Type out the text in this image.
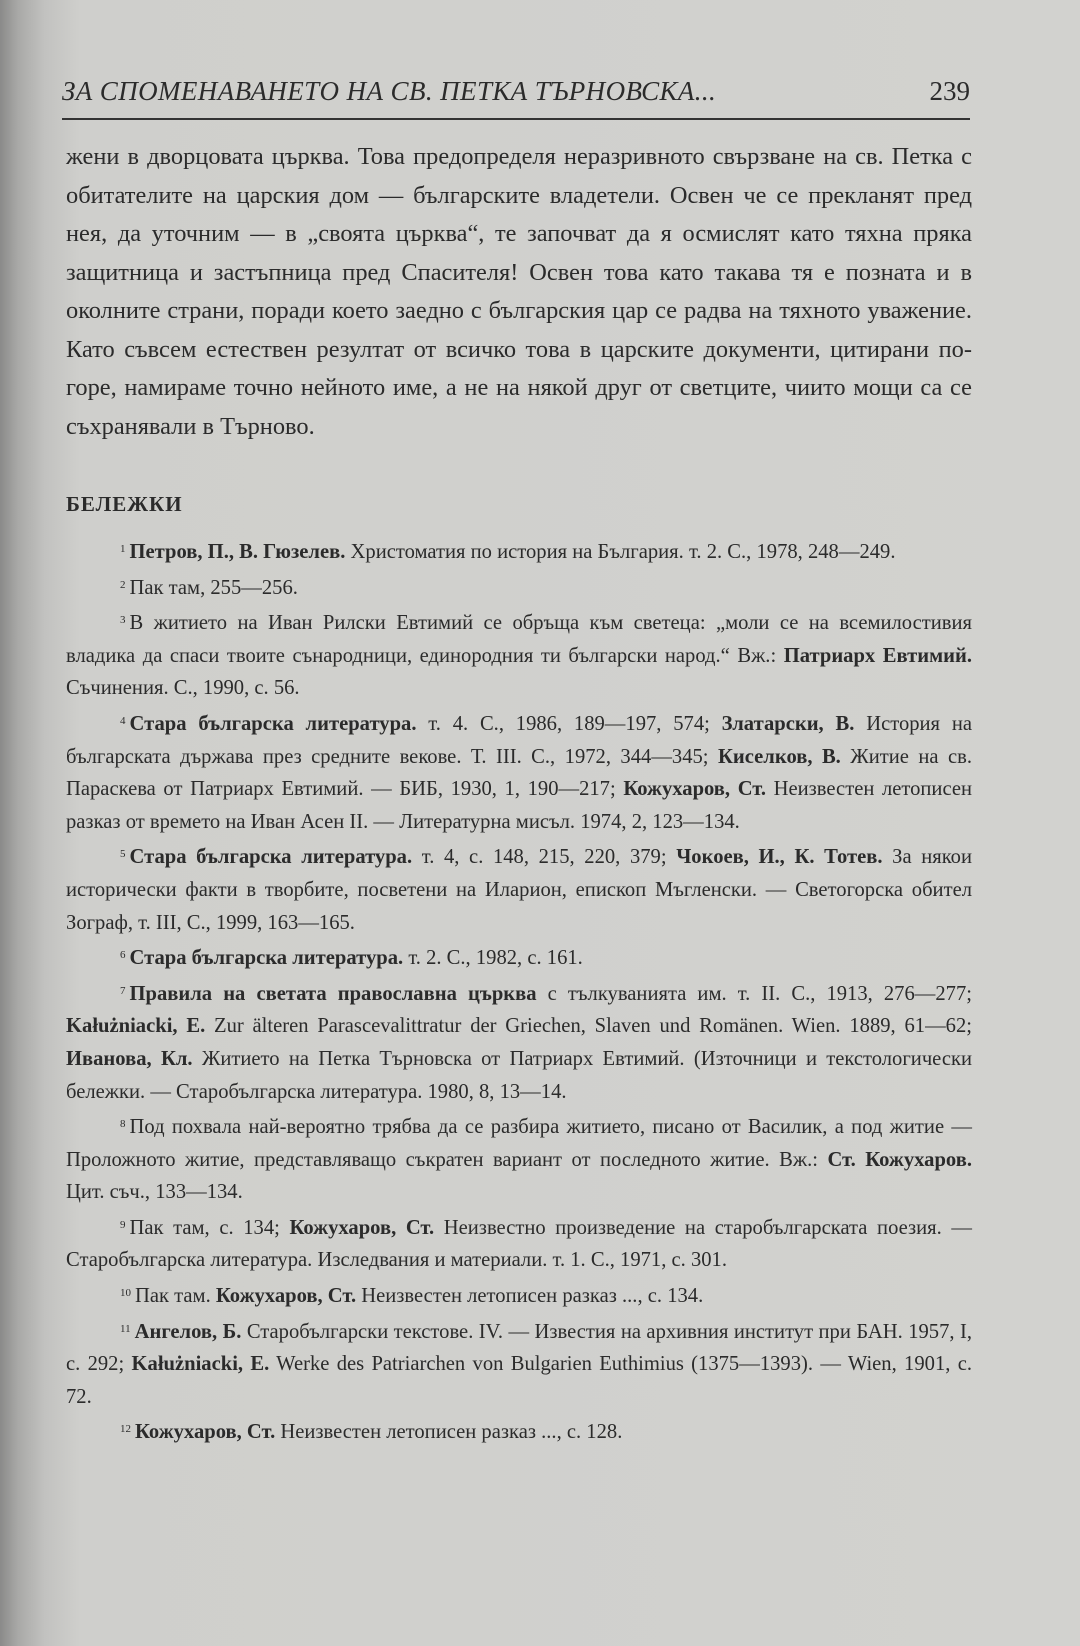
ЗА СПОМЕНАВАНЕТО НА СВ. ПЕТКА ТЪРНОВСКА...	239

жени в дворцовата църква. Това предопределя неразривното свързване на св. Петка с обитателите на царския дом — българските владетели. Освен че се прекланят пред нея, да уточним — в „своята църква“, те започват да я осмислят като тяхна пряка защитница и застъпница пред Спасителя! Освен това като такава тя е позната и в околните страни, поради което заедно с българския цар се радва на тяхното уважение. Като съвсем естествен резултат от всичко това в царските документи, цитирани по-горе, намираме точно нейното име, а не на някой друг от светците, чиито мощи са се съхранявали в Търново.

БЕЛЕЖКИ

$^1$ Петров, П., В. Гюзелев. Христоматия по история на България. т. 2. С., 1978, 248—249.

$^2$ Пак там, 255—256.

$^3$ В житието на Иван Рилски Евтимий се обръща към светеца: „моли се на всемилостивия владика да спаси твоите сънародници, единородния ти български народ.“ Вж.: Патриарх Евтимий. Съчинения. С., 1990, с. 56.

$^4$ Стара българска литература. т. 4. С., 1986, 189—197, 574; Златарски, В. История на българската държава през средните векове. Т. III. С., 1972, 344—345; Киселков, В. Житие на св. Параскева от Патриарх Евтимий. — БИБ, 1930, 1, 190—217; Кожухаров, Ст. Неизвестен летописен разказ от времето на Иван Асен II. — Литературна мисъл. 1974, 2, 123—134.

$^5$ Стара българска литература. т. 4, с. 148, 215, 220, 379; Чокоев, И., К. Тотев. За някои исторически факти в творбите, посветени на Иларион, епископ Мъгленски. — Светогорска обител Зограф, т. III, С., 1999, 163—165.

$^6$ Стара българска литература. т. 2. С., 1982, с. 161.

$^7$ Правила на светата православна църква с тълкуванията им. т. II. С., 1913, 276—277; Kałużniacki, E. Zur älteren Parascevalittratur der Griechen, Slaven und Romänen. Wien. 1889, 61—62; Иванова, Кл. Житието на Петка Търновска от Патриарх Евтимий. (Източници и текстологически бележки. — Старобългарска литература. 1980, 8, 13—14.

$^8$ Под похвала най-вероятно трябва да се разбира житието, писано от Василик, а под житие — Проложното житие, представляващо съкратен вариант от последното житие. Вж.: Ст. Кожухаров. Цит. съч., 133—134.

$^9$ Пак там, с. 134; Кожухаров, Ст. Неизвестно произведение на старобългарската поезия. — Старобългарска литература. Изследвания и материали. т. 1. С., 1971, с. 301.

$^{10}$ Пак там. Кожухаров, Ст. Неизвестен летописен разказ ..., с. 134.

$^{11}$ Ангелов, Б. Старобългарски текстове. IV. — Известия на архивния институт при БАН. 1957, I, с. 292; Kałużniacki, E. Werke des Patriarchen von Bulgarien Euthimius (1375—1393). — Wien, 1901, с. 72.

$^{12}$ Кожухаров, Ст. Неизвестен летописен разказ ..., с. 128.
